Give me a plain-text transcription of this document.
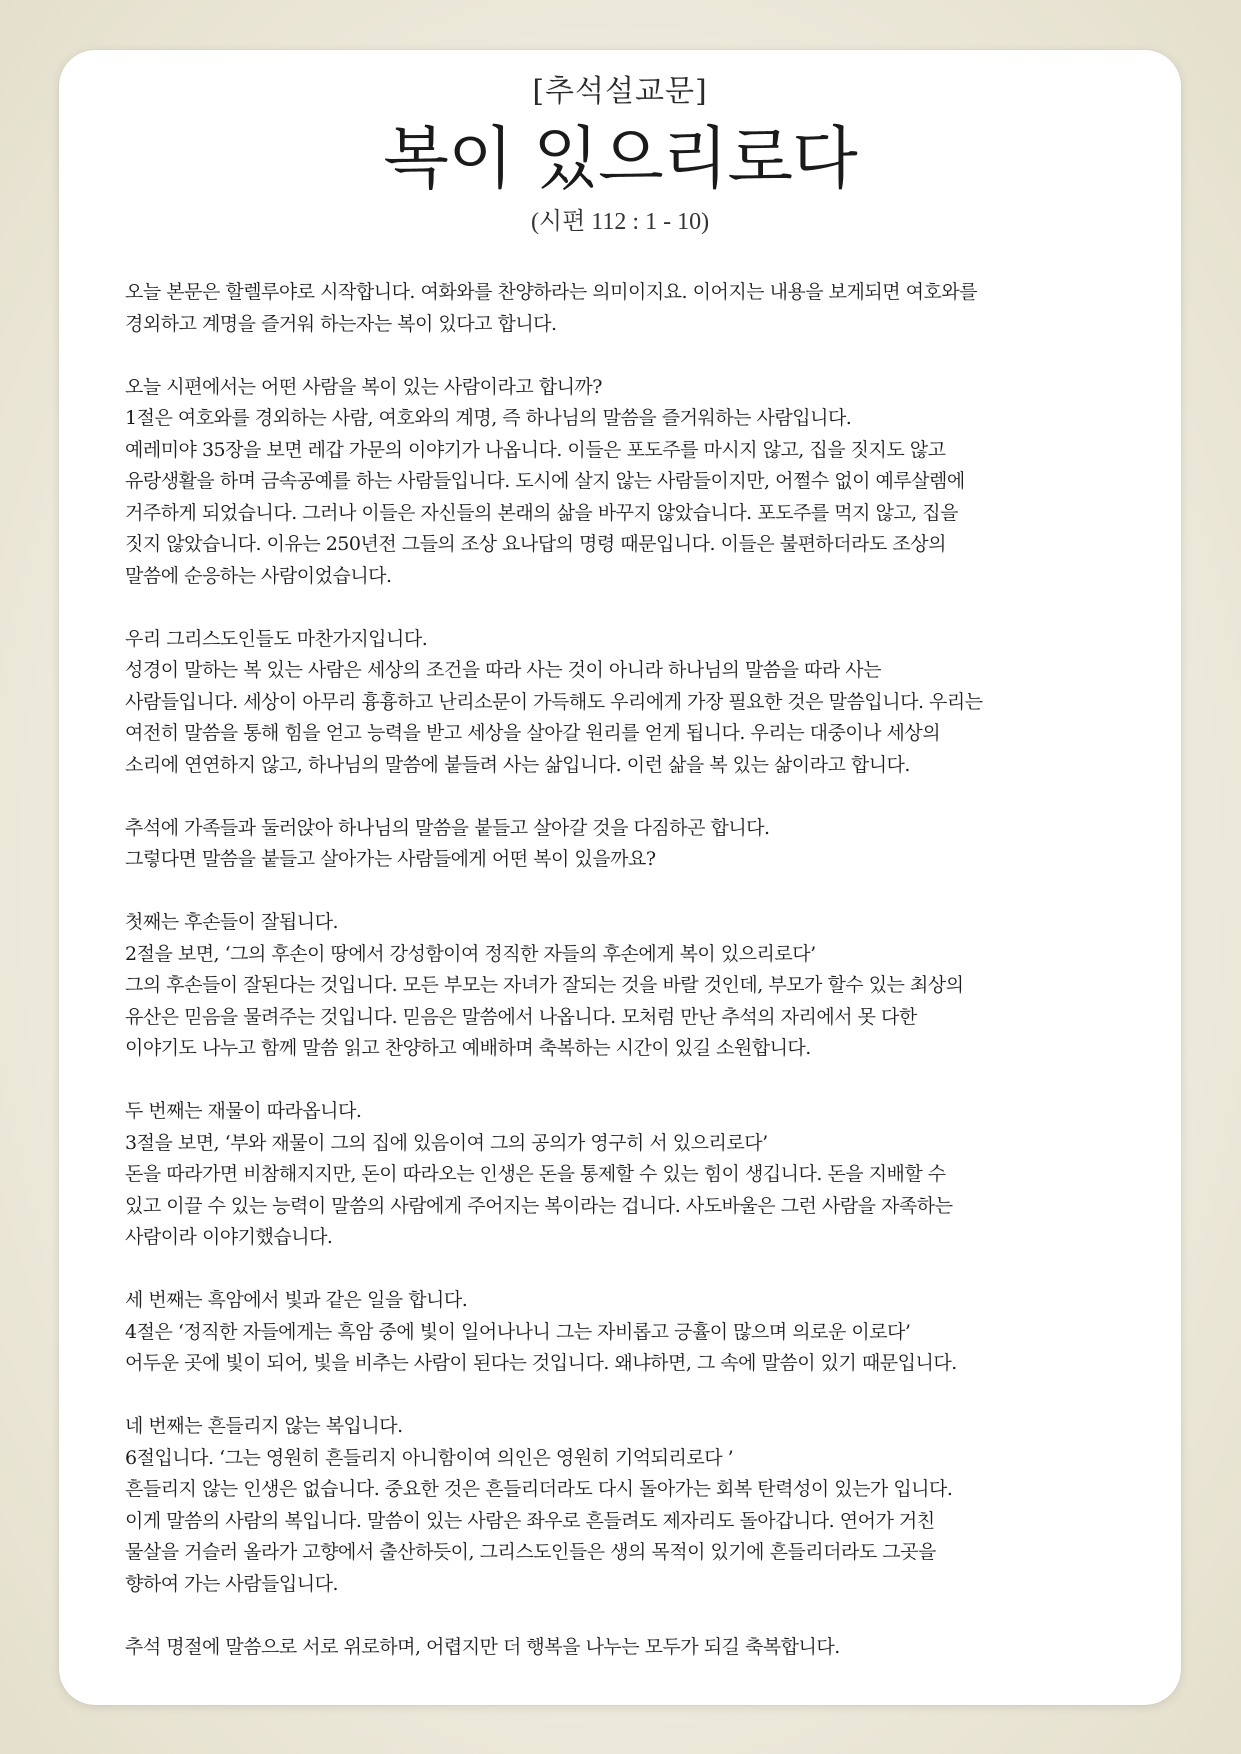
[추석설교문]
복이 있으리로다
(시편 112 : 1 - 10)
오늘 본문은 할렐루야로 시작합니다. 여화와를 찬양하라는 의미이지요. 이어지는 내용을 보게되면 여호와를
경외하고 계명을 즐거워 하는자는 복이 있다고 합니다.
오늘 시편에서는 어떤 사람을 복이 있는 사람이라고 합니까?
1절은 여호와를 경외하는 사람, 여호와의 계명, 즉 하나님의 말씀을 즐거워하는 사람입니다.
예레미야 35장을 보면 레갑 가문의 이야기가 나옵니다. 이들은 포도주를 마시지 않고, 집을 짓지도 않고
유랑생활을 하며 금속공예를 하는 사람들입니다. 도시에 살지 않는 사람들이지만, 어쩔수 없이 예루살렘에
거주하게 되었습니다. 그러나 이들은 자신들의 본래의 삶을 바꾸지 않았습니다. 포도주를 먹지 않고, 집을
짓지 않았습니다. 이유는 250년전 그들의 조상 요나답의 명령 때문입니다. 이들은 불편하더라도 조상의
말씀에 순응하는 사람이었습니다.
우리 그리스도인들도 마찬가지입니다.
성경이 말하는 복 있는 사람은 세상의 조건을 따라 사는 것이 아니라 하나님의 말씀을 따라 사는
사람들입니다. 세상이 아무리 흉흉하고 난리소문이 가득해도 우리에게 가장 필요한 것은 말씀입니다. 우리는
여전히 말씀을 통해 힘을 얻고 능력을 받고 세상을 살아갈 원리를 얻게 됩니다. 우리는 대중이나 세상의
소리에 연연하지 않고, 하나님의 말씀에 붙들려 사는 삶입니다. 이런 삶을 복 있는 삶이라고 합니다.
추석에 가족들과 둘러앉아 하나님의 말씀을 붙들고 살아갈 것을 다짐하곤 합니다.
그렇다면 말씀을 붙들고 살아가는 사람들에게 어떤 복이 있을까요?
첫째는 후손들이 잘됩니다.
2절을 보면, ‘그의 후손이 땅에서 강성함이여 정직한 자들의 후손에게 복이 있으리로다’
그의 후손들이 잘된다는 것입니다. 모든 부모는 자녀가 잘되는 것을 바랄 것인데, 부모가 할수 있는 최상의
유산은 믿음을 물려주는 것입니다. 믿음은 말씀에서 나옵니다. 모처럼 만난 추석의 자리에서 못 다한
이야기도 나누고 함께 말씀 읽고 찬양하고 예배하며 축복하는 시간이 있길 소원합니다.
두 번째는 재물이 따라옵니다.
3절을 보면, ‘부와 재물이 그의 집에 있음이여 그의 공의가 영구히 서 있으리로다’
돈을 따라가면 비참해지지만, 돈이 따라오는 인생은 돈을 통제할 수 있는 힘이 생깁니다. 돈을 지배할 수
있고 이끌 수 있는 능력이 말씀의 사람에게 주어지는 복이라는 겁니다. 사도바울은 그런 사람을 자족하는
사람이라 이야기했습니다.
세 번째는 흑암에서 빛과 같은 일을 합니다.
4절은 ‘정직한 자들에게는 흑암 중에 빛이 일어나나니 그는 자비롭고 긍휼이 많으며 의로운 이로다’
어두운 곳에 빛이 되어, 빛을 비추는 사람이 된다는 것입니다. 왜냐하면, 그 속에 말씀이 있기 때문입니다.
네 번째는 흔들리지 않는 복입니다.
6절입니다. ‘그는 영원히 흔들리지 아니함이여 의인은 영원히 기억되리로다 ’
흔들리지 않는 인생은 없습니다. 중요한 것은 흔들리더라도 다시 돌아가는 회복 탄력성이 있는가 입니다.
이게 말씀의 사람의 복입니다. 말씀이 있는 사람은 좌우로 흔들려도 제자리도 돌아갑니다. 연어가 거친
물살을 거슬러 올라가 고향에서 출산하듯이, 그리스도인들은 생의 목적이 있기에 흔들리더라도 그곳을
향하여 가는 사람들입니다.
추석 명절에 말씀으로 서로 위로하며, 어렵지만 더 행복을 나누는 모두가 되길 축복합니다.
